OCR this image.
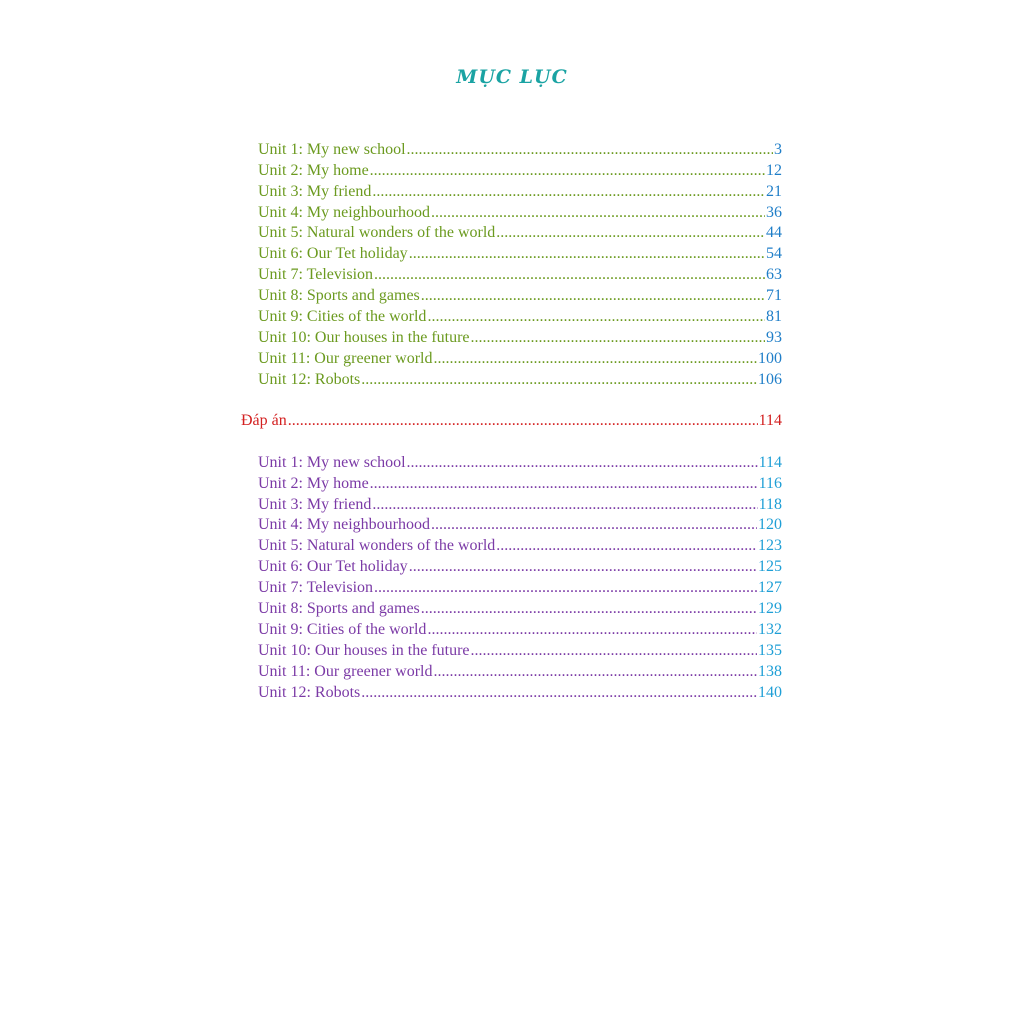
MỤC LỤC
Unit 1: My new school .....	3
Unit 2: My home .....	12
Unit 3: My friend .....	21
Unit 4: My neighbourhood .....	36
Unit 5: Natural wonders of the world .....	44
Unit 6: Our Tet holiday .....	54
Unit 7: Television .....	63
Unit 8: Sports and games .....	71
Unit 9: Cities of the world .....	81
Unit 10: Our houses in the future .....	93
Unit 11: Our greener world .....	100
Unit 12: Robots .....	106
Đáp án .....	114
Unit 1: My new school .....	114
Unit 2: My home .....	116
Unit 3: My friend .....	118
Unit 4: My neighbourhood .....	120
Unit 5: Natural wonders of the world .....	123
Unit 6: Our Tet holiday .....	125
Unit 7: Television .....	127
Unit 8: Sports and games .....	129
Unit 9: Cities of the world .....	132
Unit 10: Our houses in the future .....	135
Unit 11: Our greener world .....	138
Unit 12: Robots .....	140
